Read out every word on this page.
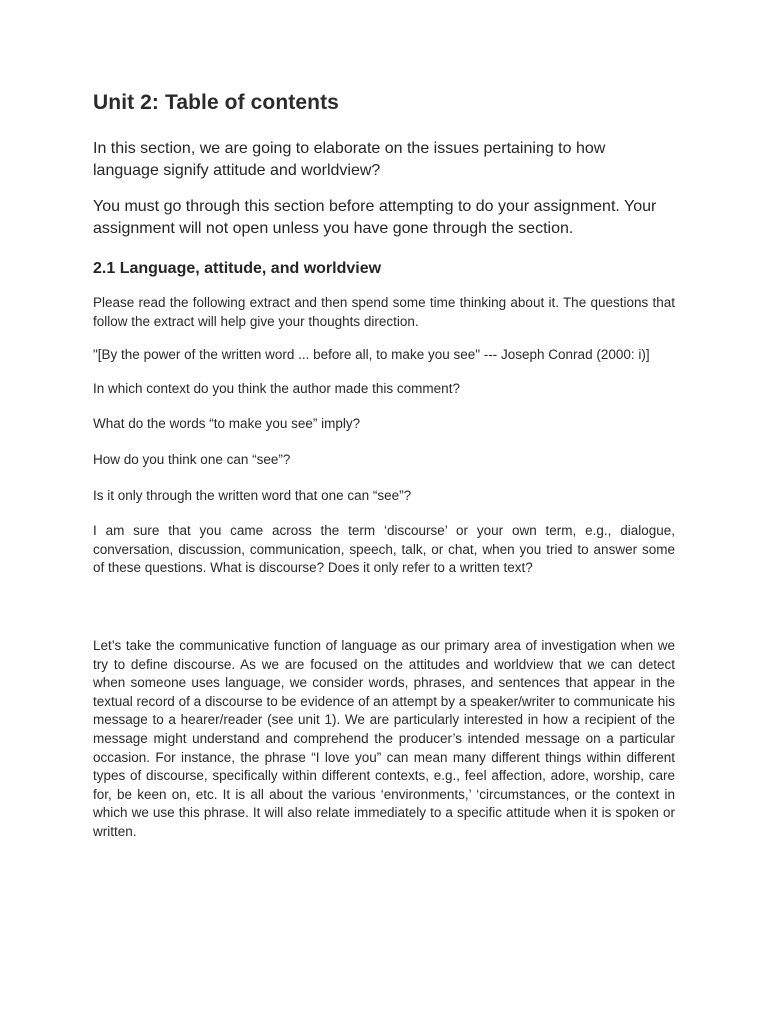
Unit 2: Table of contents

In this section, we are going to elaborate on the issues pertaining to how language signify attitude and worldview?

You must go through this section before attempting to do your assignment. Your assignment will not open unless you have gone through the section.

2.1 Language, attitude, and worldview

Please read the following extract and then spend some time thinking about it. The questions that follow the extract will help give your thoughts direction.

"[By the power of the written word ... before all, to make you see" --- Joseph Conrad (2000: i)]

In which context do you think the author made this comment?

What do the words “to make you see” imply?

How do you think one can “see”?

Is it only through the written word that one can “see”?

I am sure that you came across the term ‘discourse’ or your own term, e.g., dialogue, conversation, discussion, communication, speech, talk, or chat, when you tried to answer some of these questions. What is discourse? Does it only refer to a written text?

Let’s take the communicative function of language as our primary area of investigation when we try to define discourse. As we are focused on the attitudes and worldview that we can detect when someone uses language, we consider words, phrases, and sentences that appear in the textual record of a discourse to be evidence of an attempt by a speaker/writer to communicate his message to a hearer/reader (see unit 1). We are particularly interested in how a recipient of the message might understand and comprehend the producer’s intended message on a particular occasion. For instance, the phrase “I love you” can mean many different things within different types of discourse, specifically within different contexts, e.g., feel affection, adore, worship, care for, be keen on, etc. It is all about the various ‘environments,’ ‘circumstances, or the context in which we use this phrase. It will also relate immediately to a specific attitude when it is spoken or written.
